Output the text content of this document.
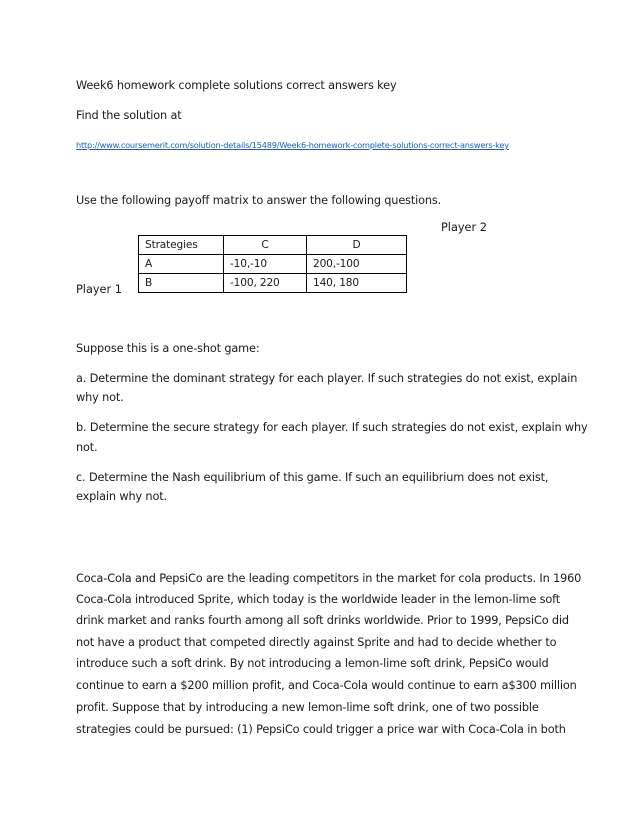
Week6 homework complete solutions correct answers key
Find the solution at
http://www.coursemerit.com/solution-details/15489/Week6-homework-complete-solutions-correct-answers-key
Use the following payoff matrix to answer the following questions.
Player 2
Player 1
Strategies	C	D
A	-10,-10	200,-100
B	-100, 220	140, 180
Suppose this is a one-shot game:
a. Determine the dominant strategy for each player. If such strategies do not exist, explain
why not.
b. Determine the secure strategy for each player. If such strategies do not exist, explain why
not.
c. Determine the Nash equilibrium of this game. If such an equilibrium does not exist,
explain why not.
Coca-Cola and PepsiCo are the leading competitors in the market for cola products. In 1960
Coca-Cola introduced Sprite, which today is the worldwide leader in the lemon-lime soft
drink market and ranks fourth among all soft drinks worldwide. Prior to 1999, PepsiCo did
not have a product that competed directly against Sprite and had to decide whether to
introduce such a soft drink. By not introducing a lemon-lime soft drink, PepsiCo would
continue to earn a $200 million profit, and Coca-Cola would continue to earn a$300 million
profit. Suppose that by introducing a new lemon-lime soft drink, one of two possible
strategies could be pursued: (1) PepsiCo could trigger a price war with Coca-Cola in both
